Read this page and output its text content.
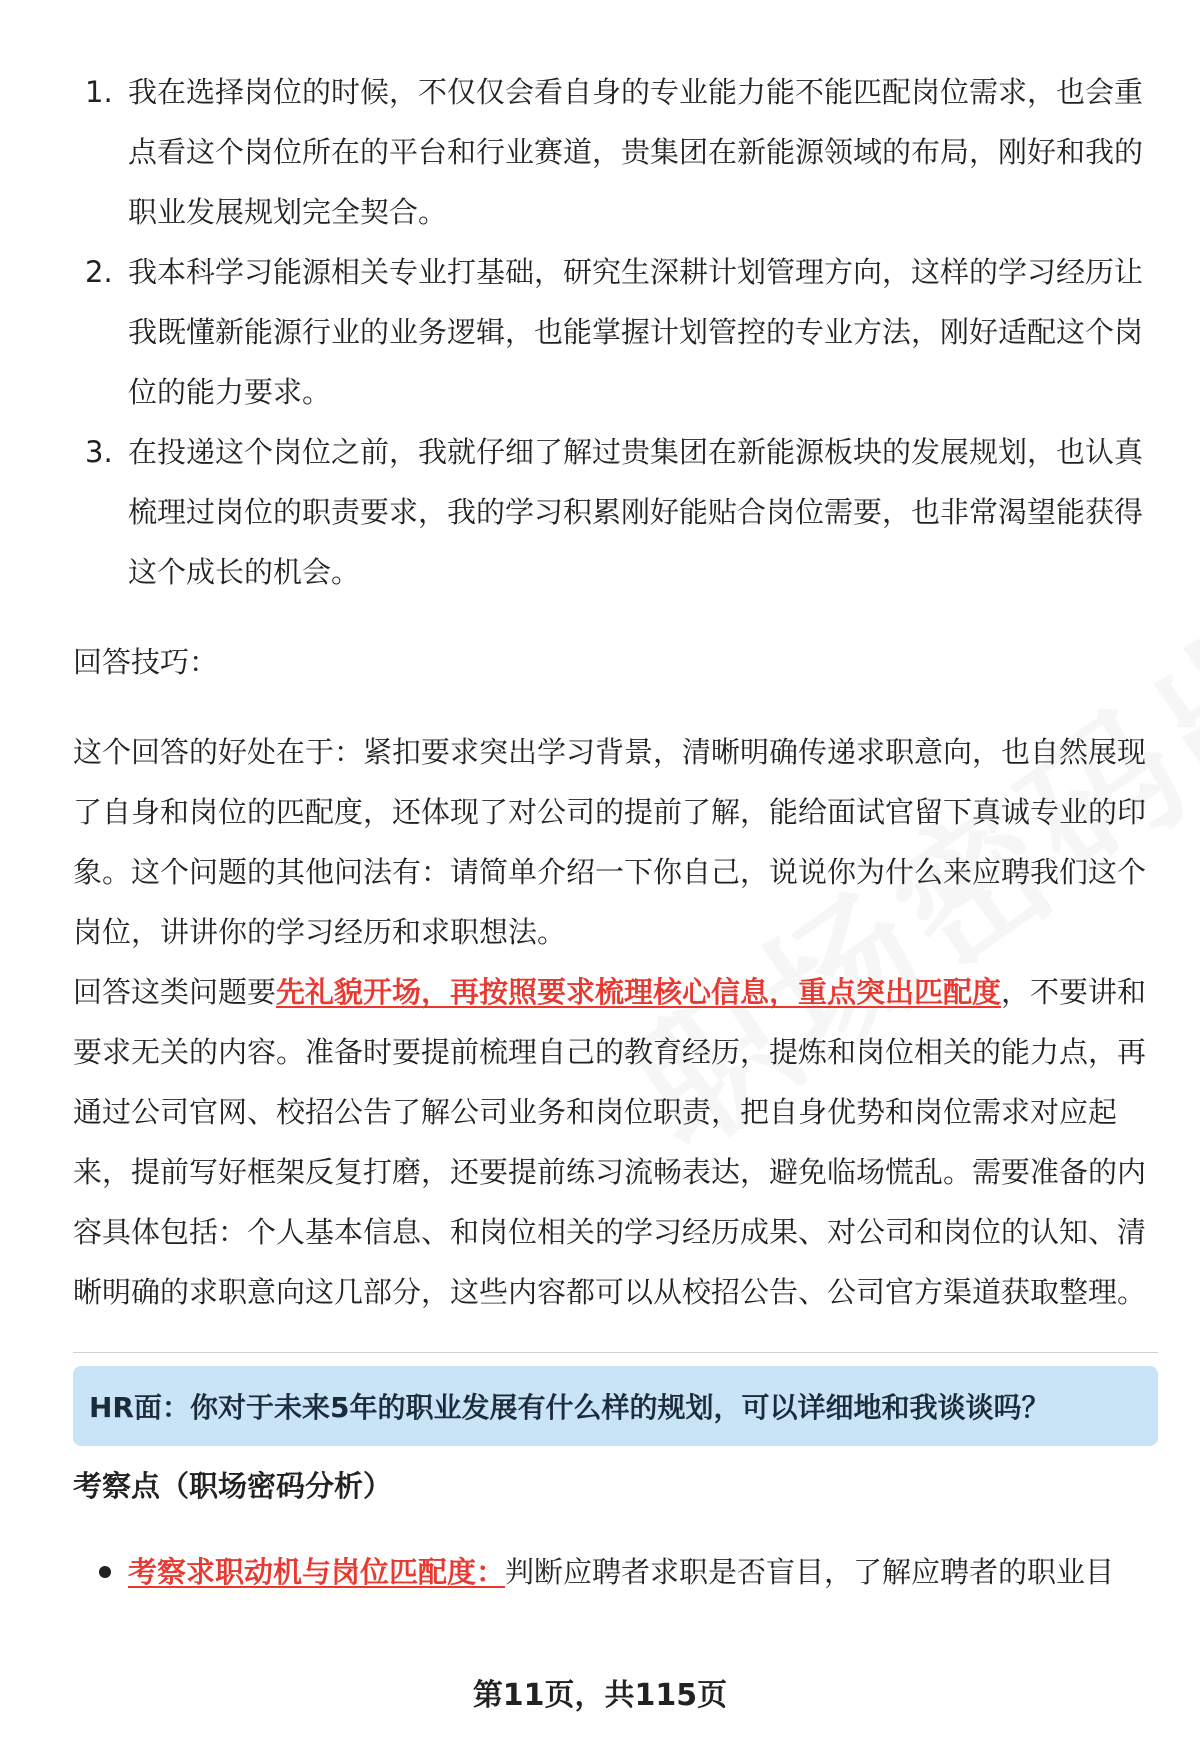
1. 我在选择岗位的时候，不仅仅会看自身的专业能力能不能匹配岗位需求，也会重点看这个岗位所在的平台和行业赛道，贵集团在新能源领域的布局，刚好和我的职业发展规划完全契合。
2. 我本科学习能源相关专业打基础，研究生深耕计划管理方向，这样的学习经历让我既懂新能源行业的业务逻辑，也能掌握计划管控的专业方法，刚好适配这个岗位的能力要求。
3. 在投递这个岗位之前，我就仔细了解过贵集团在新能源板块的发展规划，也认真梳理过岗位的职责要求，我的学习积累刚好能贴合岗位需要，也非常渴望能获得这个成长的机会。

回答技巧：

这个回答的好处在于：紧扣要求突出学习背景，清晰明确传递求职意向，也自然展现了自身和岗位的匹配度，还体现了对公司的提前了解，能给面试官留下真诚专业的印象。这个问题的其他问法有：请简单介绍一下你自己，说说你为什么来应聘我们这个岗位，讲讲你的学习经历和求职想法。

回答这类问题要先礼貌开场，再按照要求梳理核心信息，重点突出匹配度，不要讲和要求无关的内容。准备时要提前梳理自己的教育经历，提炼和岗位相关的能力点，再通过公司官网、校招公告了解公司业务和岗位职责，把自身优势和岗位需求对应起来，提前写好框架反复打磨，还要提前练习流畅表达，避免临场慌乱。需要准备的内容具体包括：个人基本信息、和岗位相关的学习经历成果、对公司和岗位的认知、清晰明确的求职意向这几部分，这些内容都可以从校招公告、公司官方渠道获取整理。

HR面：你对于未来5年的职业发展有什么样的规划，可以详细地和我谈谈吗？
考察点（职场密码分析）
考察求职动机与岗位匹配度：判断应聘者求职是否盲目，了解应聘者的职业目
第11页，共115页
